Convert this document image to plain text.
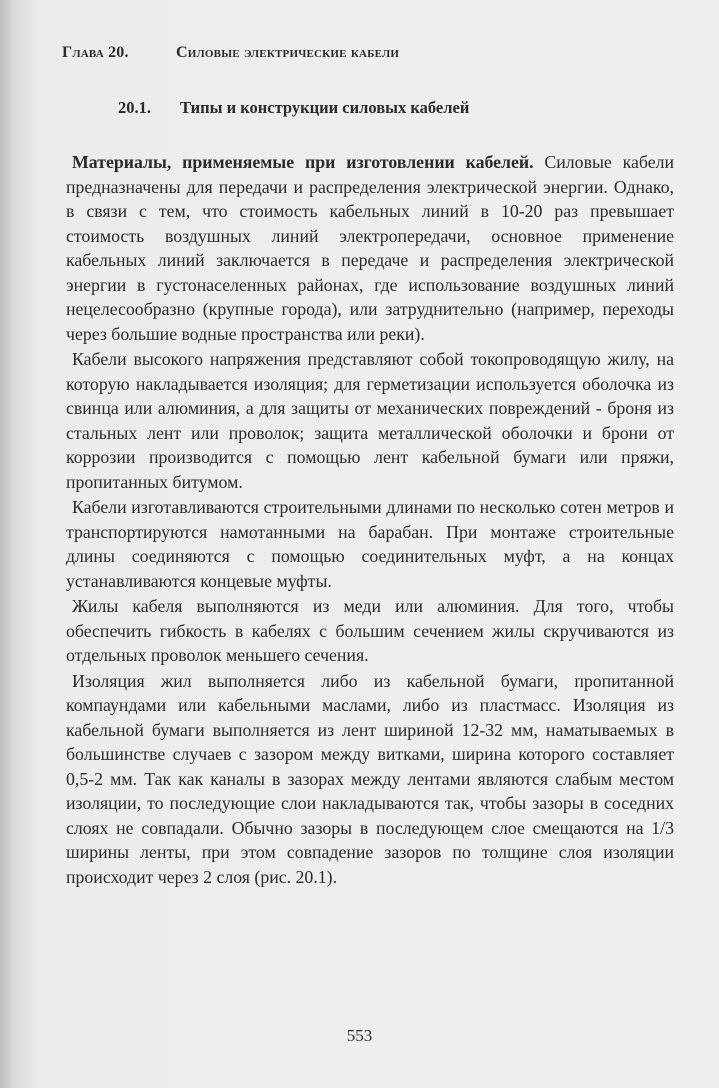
Глава 20.	Силовые электрические кабели
20.1. Типы и конструкции силовых кабелей

Материалы, применяемые при изготовлении кабелей. Силовые кабели предназначены для передачи и распределения электрической энергии. Однако, в связи с тем, что стоимость кабельных линий в 10-20 раз превышает стоимость воздушных линий электропередачи, основное применение кабельных линий заключается в передаче и распределения электрической энергии в густонаселенных районах, где использование воздушных линий нецелесообразно (крупные города), или затруднительно (например, переходы через большие водные пространства или реки).

Кабели высокого напряжения представляют собой токопроводящую жилу, на которую накладывается изоляция; для герметизации используется оболочка из свинца или алюминия, а для защиты от механических повреждений - броня из стальных лент или проволок; защита металлической оболочки и брони от коррозии производится с помощью лент кабельной бумаги или пряжи, пропитанных битумом.

Кабели изготавливаются строительными длинами по несколько сотен метров и транспортируются намотанными на барабан. При монтаже строительные длины соединяются с помощью соединительных муфт, а на концах устанавливаются концевые муфты.

Жилы кабеля выполняются из меди или алюминия. Для того, чтобы обеспечить гибкость в кабелях с большим сечением жилы скручиваются из отдельных проволок меньшего сечения.

Изоляция жил выполняется либо из кабельной бумаги, пропитанной компаундами или кабельными маслами, либо из пластмасс. Изоляция из кабельной бумаги выполняется из лент шириной 12-32 мм, наматываемых в большинстве случаев с зазором между витками, ширина которого составляет 0,5-2 мм. Так как каналы в зазорах между лентами являются слабым местом изоляции, то последующие слои накладываются так, чтобы зазоры в соседних слоях не совпадали. Обычно зазоры в последующем слое смещаются на 1/3 ширины ленты, при этом совпадение зазоров по толщине слоя изоляции происходит через 2 слоя (рис. 20.1).

553
